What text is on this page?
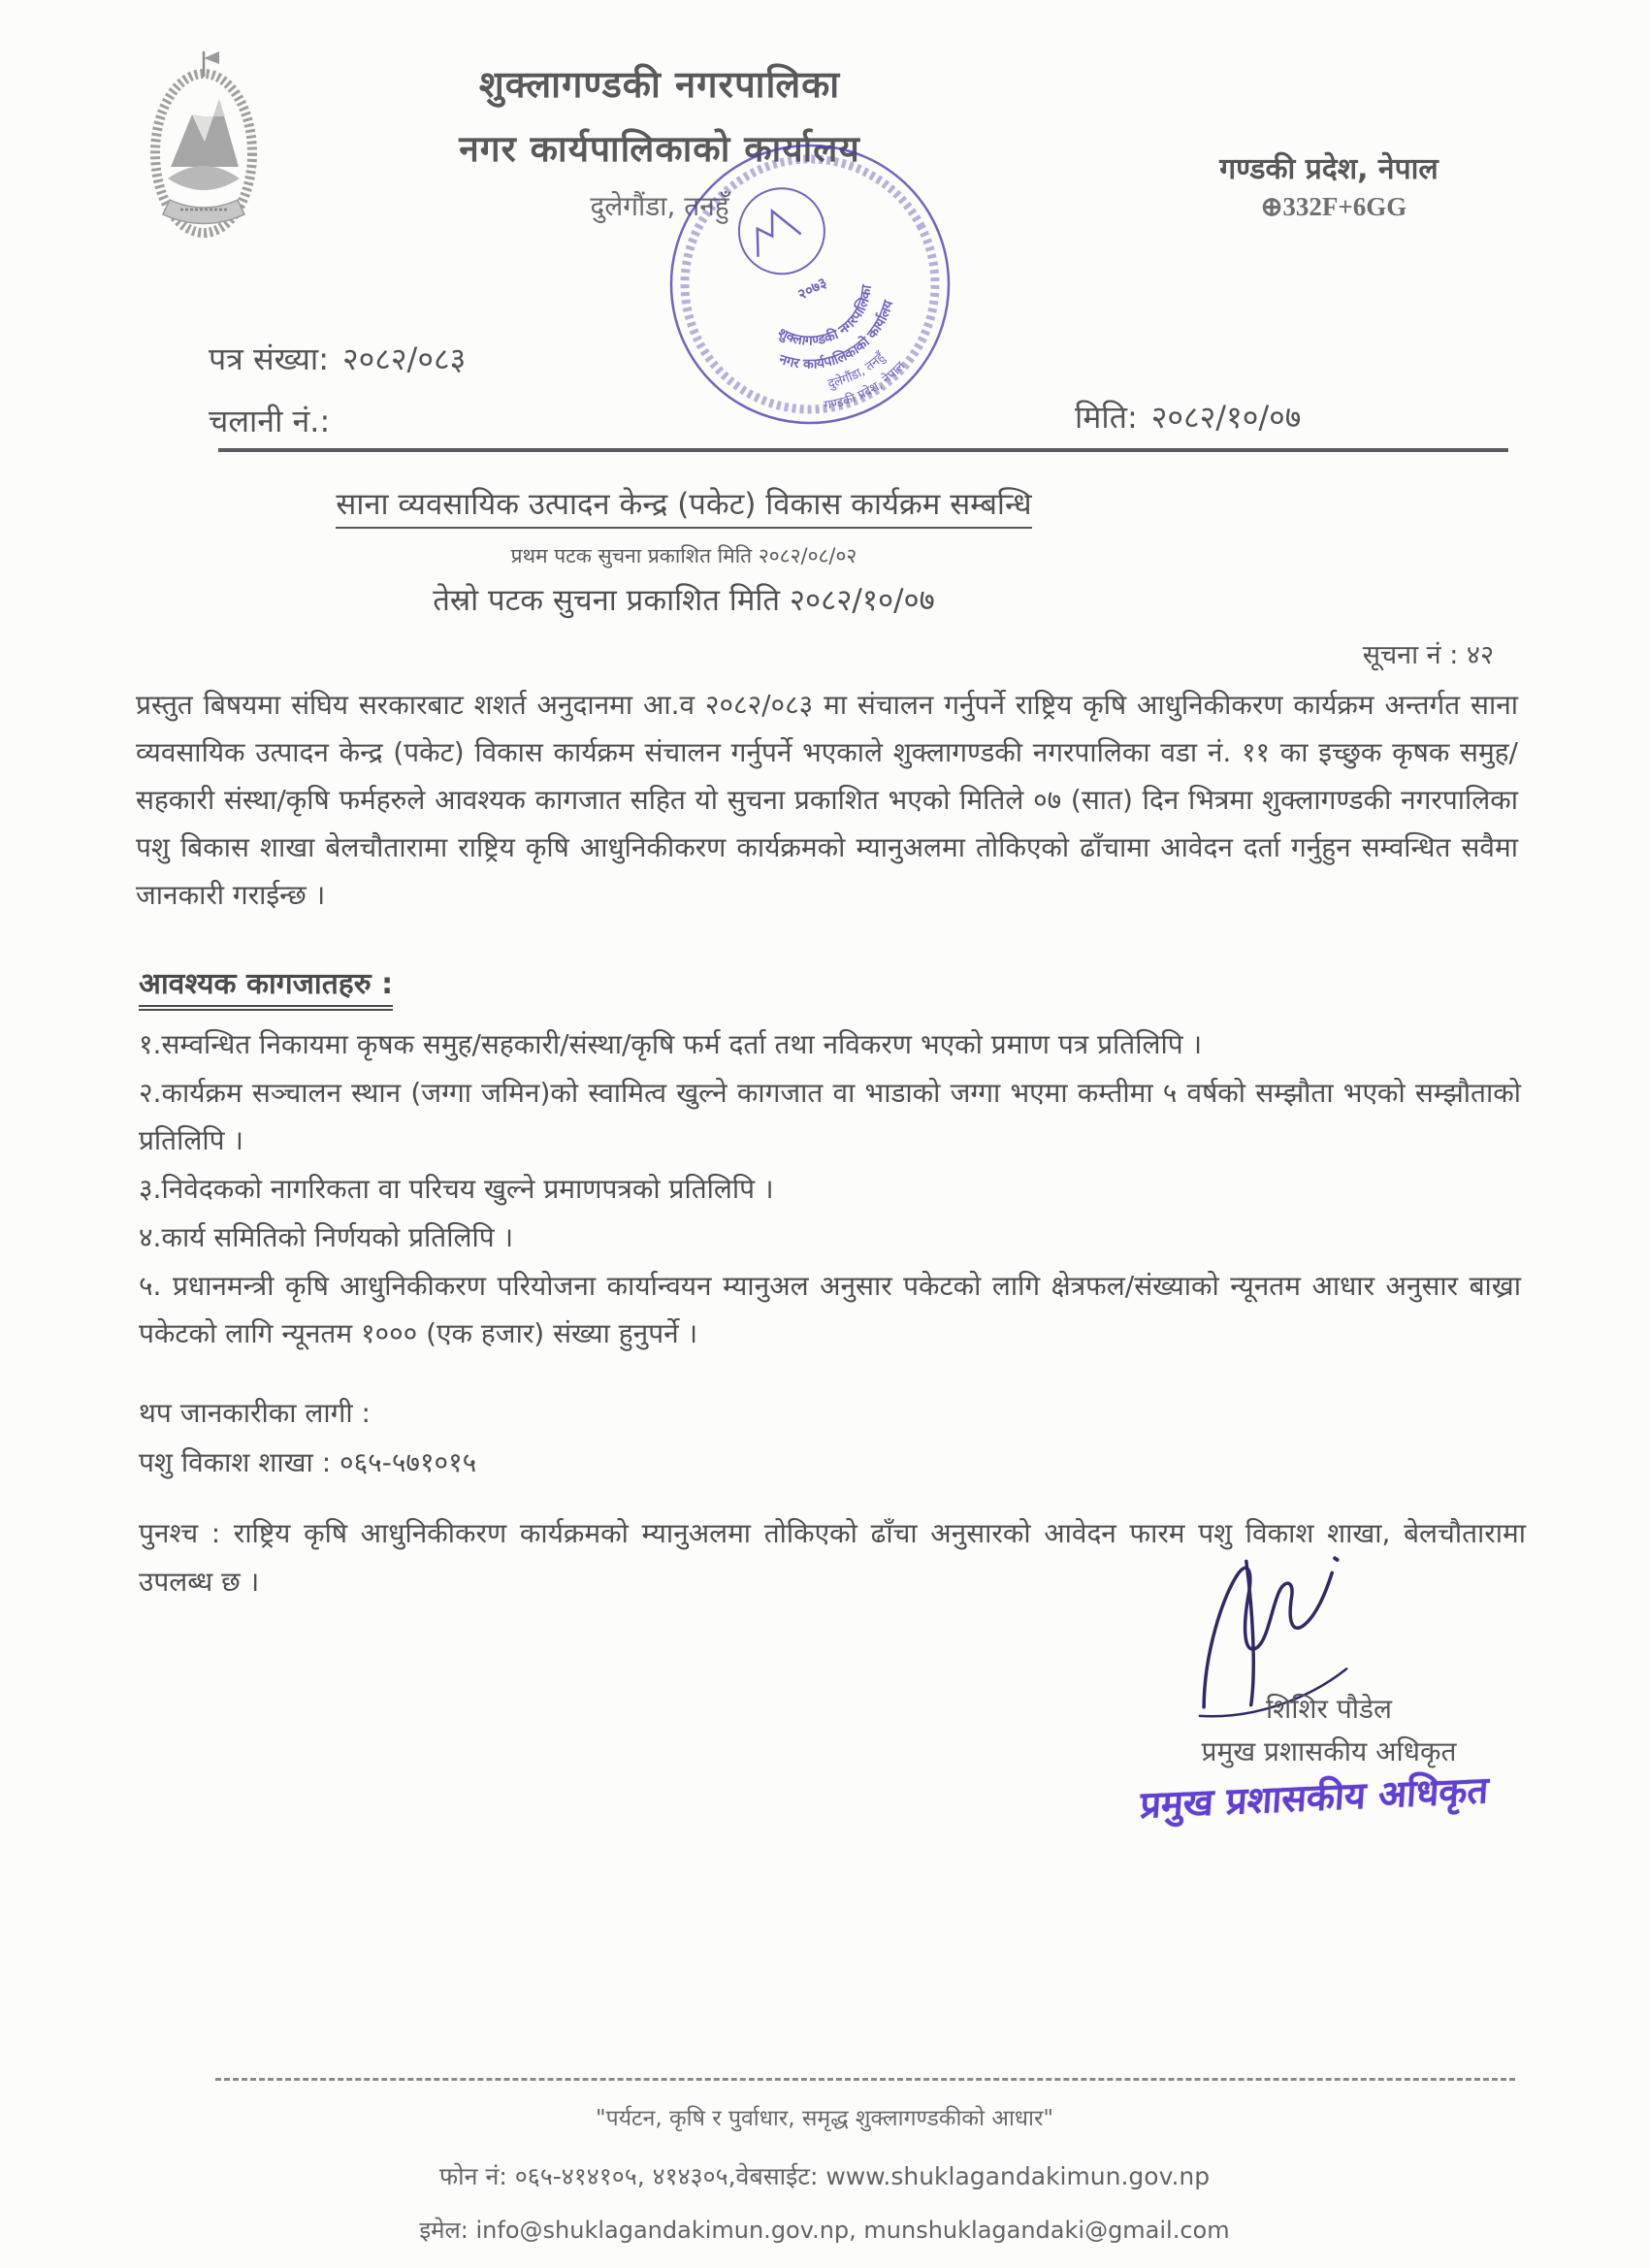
शुक्लागण्डकी नगरपालिका
नगर कार्यपालिकाको कार्यालय
दुलेगौंडा, तनहुँ
गण्डकी प्रदेश, नेपाल
⊕332F+6GG
पत्र संख्या: २०८२/०८३
चलानी नं.:	मिति: २०८२/१०/०७
२०७३
शुक्लागण्डकी नगरपालिका
नगर कार्यपालिकाको कार्यालय
दुलेगौंडा, तनहुँ
गण्डकी प्रदेश, नेपाल
साना व्यवसायिक उत्पादन केन्द्र (पकेट) विकास कार्यक्रम सम्बन्धि
प्रथम पटक सुचना प्रकाशित मिति २०८२/०८/०२
तेस्रो पटक सुचना प्रकाशित मिति २०८२/१०/०७
सूचना नं : ४२
प्रस्तुत बिषयमा संघिय सरकारबाट शशर्त अनुदानमा आ.व २०८२/०८३ मा संचालन गर्नुपर्ने राष्ट्रिय कृषि आधुनिकीकरण कार्यक्रम अन्तर्गत साना व्यवसायिक उत्पादन केन्द्र (पकेट) विकास कार्यक्रम संचालन गर्नुपर्ने भएकाले शुक्लागण्डकी नगरपालिका वडा नं. ११ का इच्छुक कृषक समुह/सहकारी संस्था/कृषि फर्महरुले आवश्यक कागजात सहित यो सुचना प्रकाशित भएको मितिले ०७ (सात) दिन भित्रमा शुक्लागण्डकी नगरपालिका पशु बिकास शाखा बेलचौतारामा राष्ट्रिय कृषि आधुनिकीकरण कार्यक्रमको म्यानुअलमा तोकिएको ढाँचामा आवेदन दर्ता गर्नुहुन सम्वन्धित सवैमा जानकारी गराईन्छ ।
आवश्यक कागजातहरु :
१.सम्वन्धित निकायमा कृषक समुह/सहकारी/संस्था/कृषि फर्म दर्ता तथा नविकरण भएको प्रमाण पत्र प्रतिलिपि ।
२.कार्यक्रम सञ्चालन स्थान (जग्गा जमिन)को स्वामित्व खुल्ने कागजात वा भाडाको जग्गा भएमा कम्तीमा ५ वर्षको सम्झौता भएको सम्झौताको प्रतिलिपि ।
३.निवेदकको नागरिकता वा परिचय खुल्ने प्रमाणपत्रको प्रतिलिपि ।
४.कार्य समितिको निर्णयको प्रतिलिपि ।
५. प्रधानमन्त्री कृषि आधुनिकीकरण परियोजना कार्यान्वयन म्यानुअल अनुसार पकेटको लागि क्षेत्रफल/संख्याको न्यूनतम आधार अनुसार बाख्रा पकेटको लागि न्यूनतम १००० (एक हजार) संख्या हुनुपर्ने ।
थप जानकारीका लागी :
पशु विकाश शाखा : ०६५-५७१०१५
पुनश्च : राष्ट्रिय कृषि आधुनिकीकरण कार्यक्रमको म्यानुअलमा तोकिएको ढाँचा अनुसारको आवेदन फारम पशु विकाश शाखा, बेलचौतारामा उपलब्ध छ ।
शिशिर पौडेल
प्रमुख प्रशासकीय अधिकृत
प्रमुख प्रशासकीय अधिकृत
"पर्यटन, कृषि र पुर्वाधार, समृद्ध शुक्लागण्डकीको आधार"
फोन नं: ०६५-४१४१०५, ४१४३०५,वेबसाईट: www.shuklagandakimun.gov.np
इमेल: info@shuklagandakimun.gov.np, munshuklagandaki@gmail.com
